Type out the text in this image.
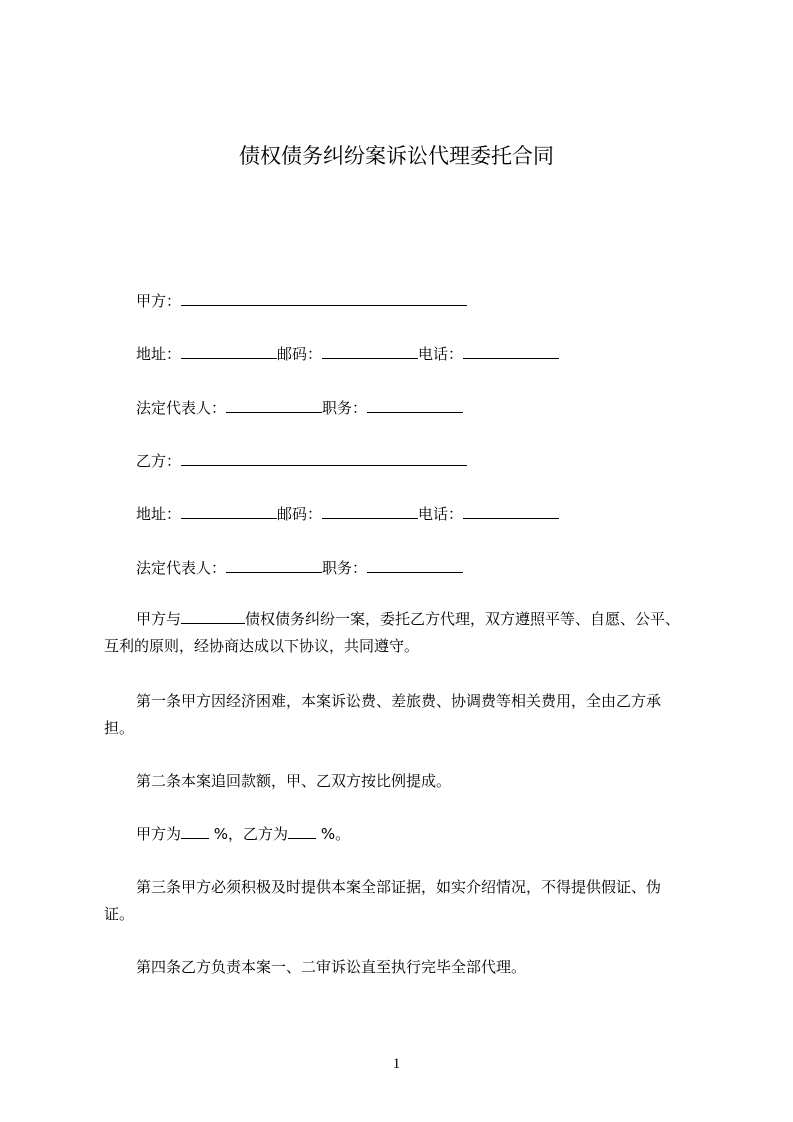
债权债务纠纷案诉讼代理委托合同
甲方：
地址：	邮码：	电话：
法定代表人：	职务：
乙方：
地址：	邮码：	电话：
法定代表人：	职务：
甲方与	债权债务纠纷一案，委托乙方代理，双方遵照平等、自愿、公平、
互利的原则，经协商达成以下协议，共同遵守。
第一条甲方因经济困难，本案诉讼费、差旅费、协调费等相关费用，全由乙方承
担。
第二条本案追回款额，甲、乙双方按比例提成。
甲方为 %，乙方为 %。
第三条甲方必须积极及时提供本案全部证据，如实介绍情况，不得提供假证、伪
证。
第四条乙方负责本案一、二审诉讼直至执行完毕全部代理。
1
